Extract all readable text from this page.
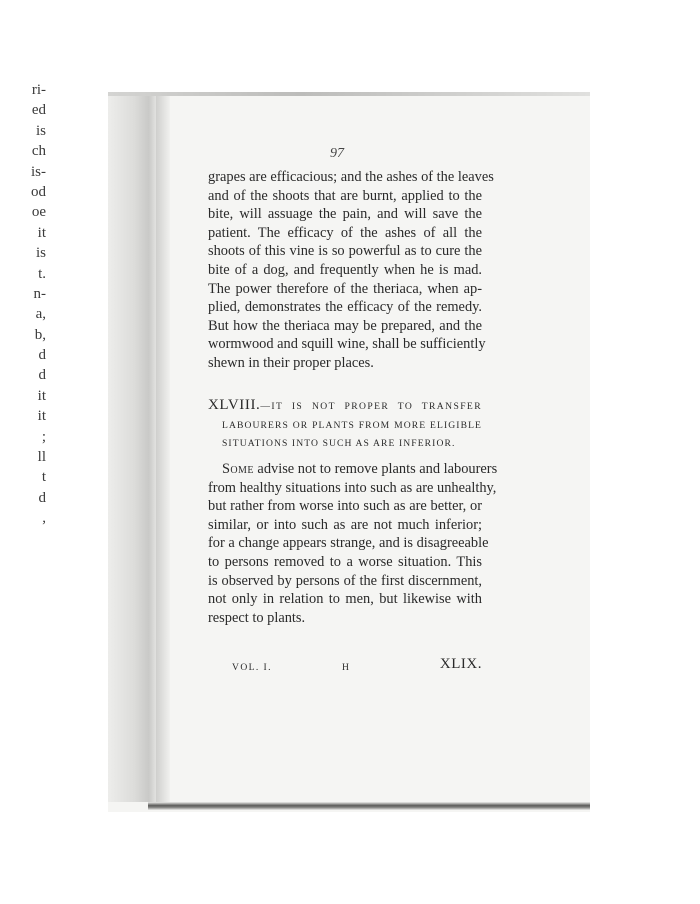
ri-
ed
is
ch
is-
od
oe
it
is
t.
n-
a,
b,
d
d
it
it
;
ll
t
d
,
97
grapes are efficacious; and the ashes of the leaves
and of the shoots that are burnt, applied to the
bite, will assuage the pain, and will save the
patient. The efficacy of the ashes of all the
shoots of this vine is so powerful as to cure the
bite of a dog, and frequently when he is mad.
The power therefore of the theriaca, when ap-
plied, demonstrates the efficacy of the remedy.
But how the theriaca may be prepared, and the
wormwood and squill wine, shall be sufficiently
shewn in their proper places.
XLVIII.—IT IS NOT PROPER TO TRANSFER
LABOURERS OR PLANTS FROM MORE ELIGIBLE
SITUATIONS INTO SUCH AS ARE INFERIOR.
Some advise not to remove plants and labourers
from healthy situations into such as are unhealthy,
but rather from worse into such as are better, or
similar, or into such as are not much inferior;
for a change appears strange, and is disagreeable
to persons removed to a worse situation. This
is observed by persons of the first discernment,
not only in relation to men, but likewise with
respect to plants.
VOL. I.	H	XLIX.
